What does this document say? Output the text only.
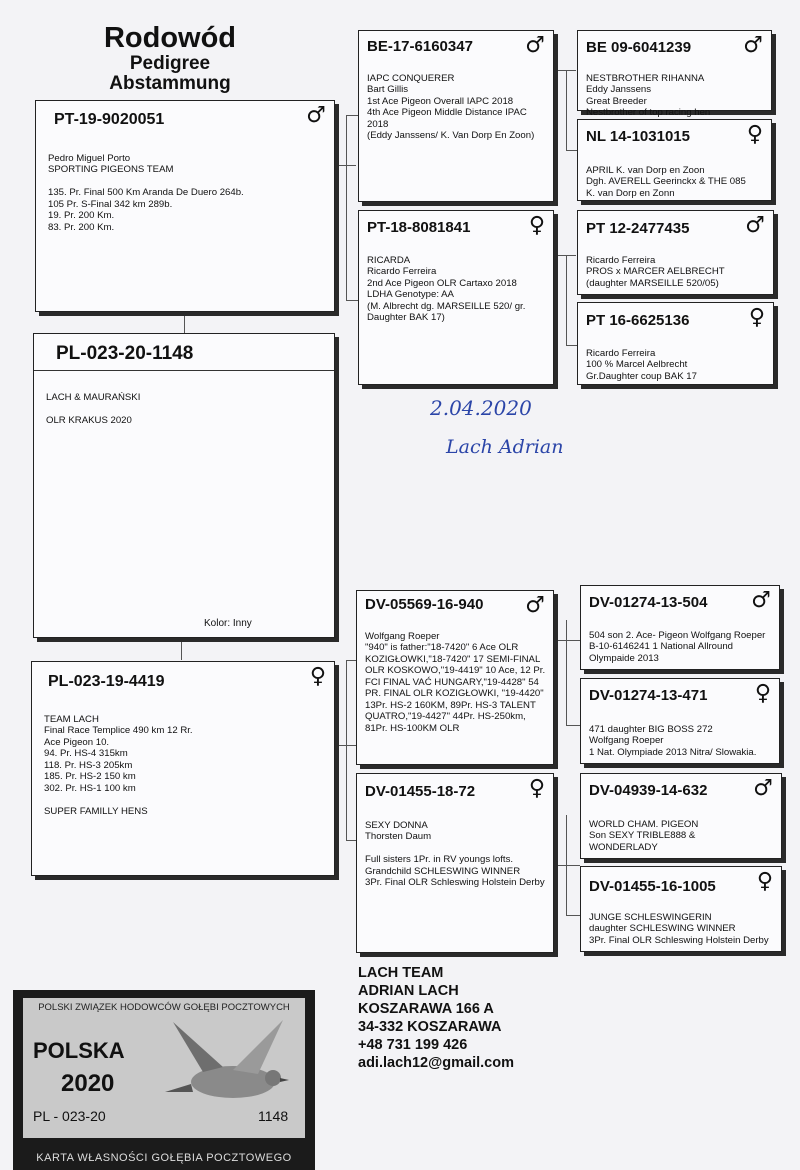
Rodowód
Pedigree
Abstammung
PT-19-9020051	♂

Pedro Miguel Porto
SPORTING PIGEONS TEAM

135. Pr. Final 500 Km Aranda De Duero 264b.
105 Pr. S-Final 342 km 289b.
19. Pr. 200 Km.
83. Pr. 200 Km.

PL-023-20-1148

LACH & MAURAŃSKI

OLR KRAKUS 2020

Kolor: Inny
PL-023-19-4419	♀

TEAM LACH
Final Race Templice 490 km 12 Rr.
Ace Pigeon 10.
94. Pr. HS-4 315km
118. Pr. HS-3 205km
185. Pr. HS-2 150 km
302. Pr. HS-1 100 km

SUPER FAMILLY HENS

BE-17-6160347 ♂

IAPC CONQUERER
Bart Gillis
1st Ace Pigeon Overall IAPC 2018
4th Ace Pigeon Middle Distance IPAC 2018
(Eddy Janssens/ K. Van Dorp En Zoon)

PT-18-8081841	♀

RICARDA
Ricardo Ferreira
2nd Ace Pigeon OLR Cartaxo 2018
LDHA Genotype: AA
(M. Albrecht dg. MARSEILLE 520/ gr. Daughter BAK 17)

DV-05569-16-940 ♂

Wolfgang Roeper
"940" is father:"18-7420" 6 Ace OLR KOZIGŁOWKI,"18-7420" 17 SEMI-FINAL OLR KOSKOWO,"19-4419" 10 Ace, 12 Pr. FCI FINAL VAĆ HUNGARY,"19-4428" 54 PR. FINAL OLR KOZIGŁOWKI, "19-4420" 13Pr. HS-2 160KM, 89Pr. HS-3 TALENT QUATRO,"19-4427" 44Pr. HS-250km, 81Pr. HS-100KM OLR

DV-01455-18-72 ♀

SEXY DONNA
Thorsten Daum

Full sisters 1Pr. in RV youngs lofts.
Grandchild SCHLESWING WINNER
3Pr. Final OLR Schleswing Holstein Derby

BE 09-6041239 ♂

NESTBROTHER RIHANNA
Eddy Janssens
Great Breeder
Nestbrother of top racing hen

NL 14-1031015	♀

APRIL K. van Dorp en Zoon
Dgh. AVERELL Geerinckx & THE 085
K. van Dorp en Zonn

PT 12-2477435	♂

Ricardo Ferreira
PROS x MARCER AELBRECHT
(daughter MARSEILLE 520/05)

PT 16-6625136	♀

Ricardo Ferreira
100 % Marcel Aelbrecht
Gr.Daughter coup BAK 17

DV-01274-13-504 ♂

504 son 2. Ace- Pigeon Wolfgang Roeper
B-10-6146241 1 National Allround Olympaide 2013

DV-01274-13-471 ♀

471 daughter BIG BOSS 272
Wolfgang Roeper
1 Nat. Olympiade 2013 Nitra/ Slowakia.

DV-04939-14-632 ♂

WORLD CHAM. PIGEON
Son SEXY TRIBLE888 &
WONDERLADY

DV-01455-16-1005 ♀

JUNGE SCHLESWINGERIN
daughter SCHLESWING WINNER
3Pr. Final OLR Schleswing Holstein Derby

2.04.2020
Lach Adrian
LACH TEAM
ADRIAN LACH
KOSZARAWA 166 A
34-332 KOSZARAWA
+48 731 199 426
adi.lach12@gmail.com
POLSKI ZWIĄZEK HODOWCÓW GOŁĘBI POCZTOWYCH
POLSKA
2020
PL - 023-20	1148
KARTA WŁASNOŚCI GOŁĘBIA POCZTOWEGO
